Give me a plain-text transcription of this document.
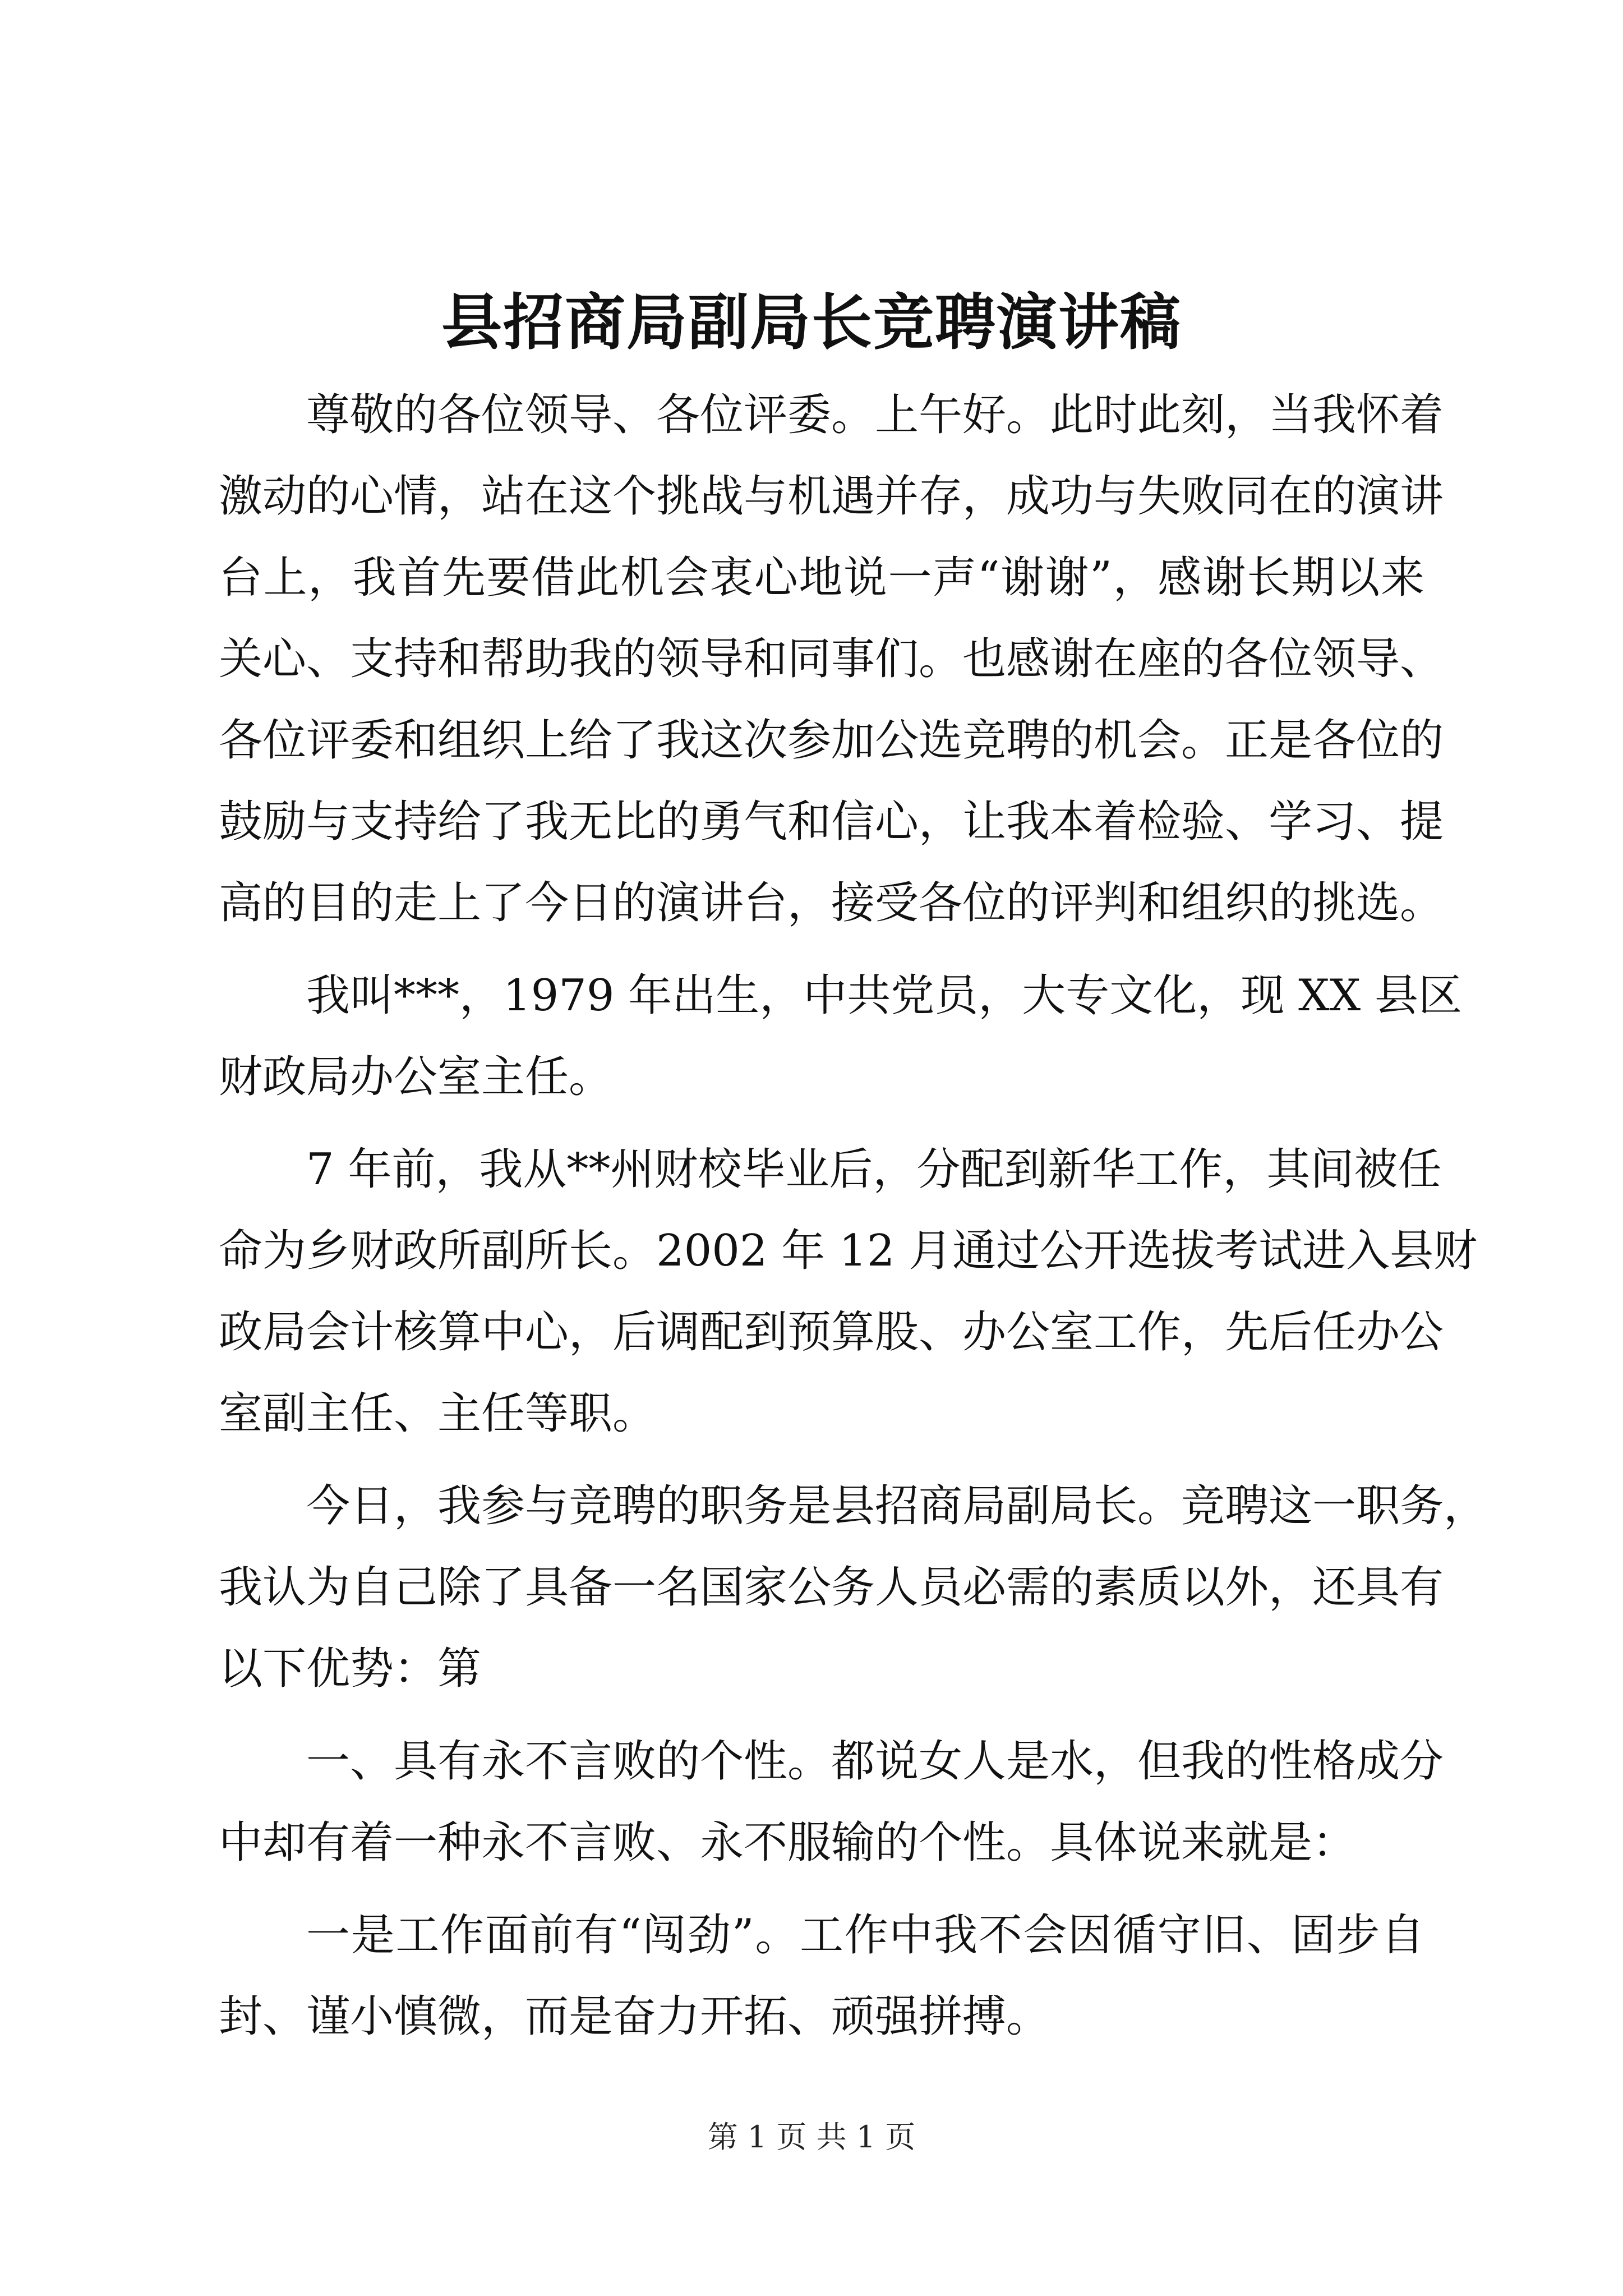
县招商局副局长竞聘演讲稿
尊敬的各位领导、各位评委。上午好。此时此刻，当我怀着
激动的心情，站在这个挑战与机遇并存，成功与失败同在的演讲
台上，我首先要借此机会衷心地说一声“谢谢”，感谢长期以来
关心、支持和帮助我的领导和同事们。也感谢在座的各位领导、
各位评委和组织上给了我这次参加公选竞聘的机会。正是各位的
鼓励与支持给了我无比的勇气和信心，让我本着检验、学习、提
高的目的走上了今日的演讲台，接受各位的评判和组织的挑选。
我叫***，1979 年出生，中共党员，大专文化，现 XX 县区
财政局办公室主任。
7 年前，我从**州财校毕业后，分配到新华工作，其间被任
命为乡财政所副所长。2002 年 12 月通过公开选拔考试进入县财
政局会计核算中心，后调配到预算股、办公室工作，先后任办公
室副主任、主任等职。
今日，我参与竞聘的职务是县招商局副局长。竞聘这一职务，
我认为自己除了具备一名国家公务人员必需的素质以外，还具有
以下优势：第
一、具有永不言败的个性。都说女人是水，但我的性格成分
中却有着一种永不言败、永不服输的个性。具体说来就是：
一是工作面前有“闯劲”。工作中我不会因循守旧、固步自
封、谨小慎微，而是奋力开拓、顽强拼搏。
第 1 页 共 1 页
